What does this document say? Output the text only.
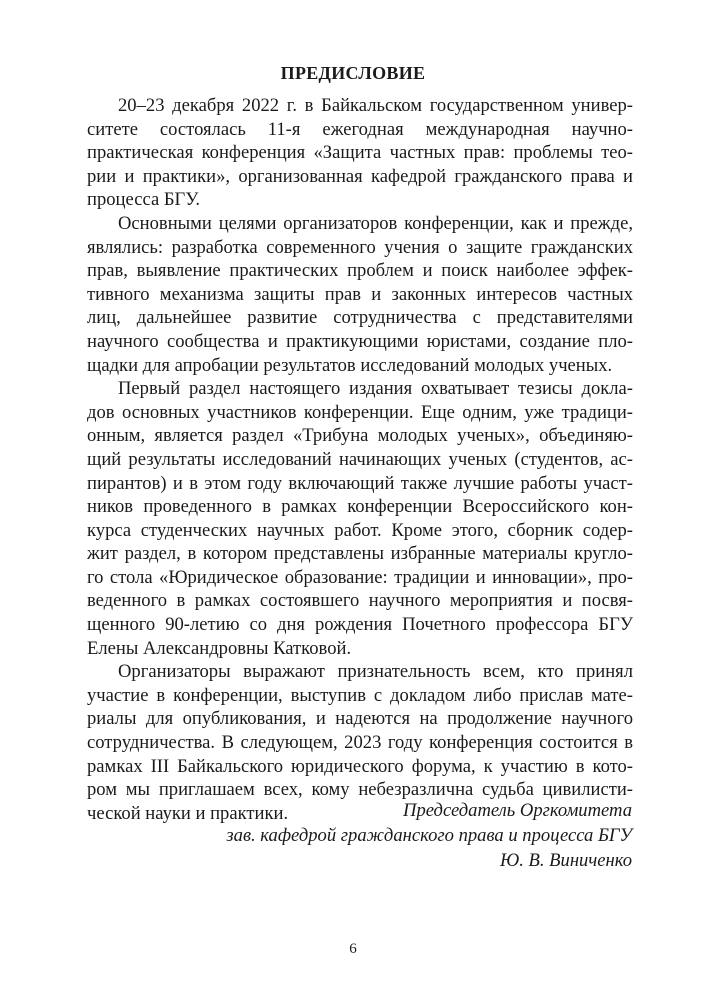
ПРЕДИСЛОВИЕ
20–23 декабря 2022 г. в Байкальском государственном универ-
ситете состоялась 11-я ежегодная международная научно-
практическая конференция «Защита частных прав: проблемы тео-
рии и практики», организованная кафедрой гражданского права и
процесса БГУ.
Основными целями организаторов конференции, как и прежде,
являлись: разработка современного учения о защите гражданских
прав, выявление практических проблем и поиск наиболее эффек-
тивного механизма защиты прав и законных интересов частных
лиц, дальнейшее развитие сотрудничества с представителями
научного сообщества и практикующими юристами, создание пло-
щадки для апробации результатов исследований молодых ученых.
Первый раздел настоящего издания охватывает тезисы докла-
дов основных участников конференции. Еще одним, уже традици-
онным, является раздел «Трибуна молодых ученых», объединяю-
щий результаты исследований начинающих ученых (студентов, ас-
пирантов) и в этом году включающий также лучшие работы участ-
ников проведенного в рамках конференции Всероссийского кон-
курса студенческих научных работ. Кроме этого, сборник содер-
жит раздел, в котором представлены избранные материалы кругло-
го стола «Юридическое образование: традиции и инновации», про-
веденного в рамках состоявшего научного мероприятия и посвя-
щенного 90-летию со дня рождения Почетного профессора БГУ
Елены Александровны Катковой.
Организаторы выражают признательность всем, кто принял
участие в конференции, выступив с докладом либо прислав матe-
риалы для опубликования, и надеются на продолжение научного
сотрудничества. В следующем, 2023 году конференция состоится в
рамках III Байкальского юридического форума, к участию в кото-
ром мы приглашаем всех, кому небезразлична судьба цивилисти-
ческой науки и практики.	Председатель Оргкомитета
зав. кафедрой гражданского права и процесса БГУ
Ю. В. Виниченко
6
